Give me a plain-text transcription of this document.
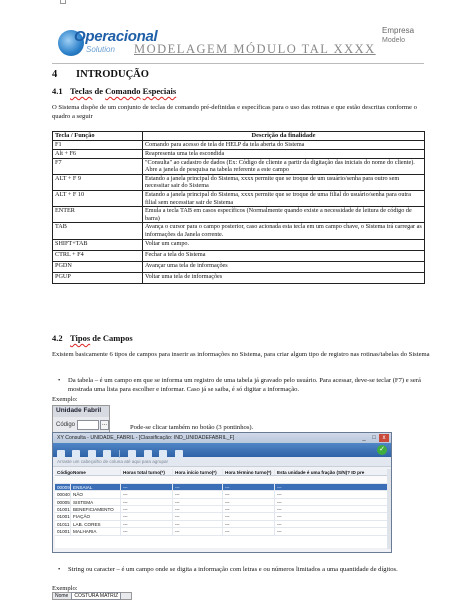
Operacional
Solution MODELAGEM MÓDULO TAL XXXX
Empresa
Modelo
4 INTRODUÇÃO
4.1 Teclas de Comando Especiais
O Sistema dispõe de um conjunto de teclas de comando pré-definidas e específicas para o uso das rotinas e que estão descritas conforme o quadro a seguir
Tecla / Função	Descrição da finalidade
F1	Comando para acesso de tela de HELP da tela aberta do Sistema
Alt + F6	Reapresenta uma tela escondida
F7	"Consulta" ao cadastro de dados (Ex: Código de cliente a partir da digitação das iniciais do nome do cliente). Abre a janela de pesquisa na tabela referente a este campo
ALT + F 9	Estando a janela principal do Sistema, xxxx permite que se troque de um usuário/senha para outro sem necessitar sair do Sistema
ALT + F 10	Estando a janela principal do Sistema, xxxx permite que se troque de uma filial do usuário/senha para outra filial sem necessitar sair de Sistema
ENTER	Emula a tecla TAB em casos específicos (Normalmente quando existe a necessidade de leitura de código de barra)
TAB	Avança o cursor para o campo posterior, caso acionada esta tecla em um campo chave, o Sistema irá carregar as informações da Janela corrente.
SHIFT+TAB	Voltar um campo.
CTRL + F4	Fechar a tela do Sistema
PGDN	Avançar uma tela de informações
PGUP	Voltar uma tela de informações
4.2 Tipos de Campos
Existem basicamente 6 tipos de campos para inserir as informações no Sistema, para criar algum tipo de registro nas rotinas/tabelas do Sistema
•	Da tabela – é um campo em que se informa um registro de uma tabela já gravado pelo usuário. Para acessar, deve-se teclar (F7) e será mostrada uma lista para escolher e informar. Caso já se saiba, é só digitar a informação.
Exemplo:
Unidade Fabril
Código	...	Pode-se clicar também no botão (3 pontinhos).
XY Consulta - UNIDADE_FABRIL - [Classificação: IND_UNIDADEFABRIL_F]	_ □ x

✓
Arraste um cabeçalho de coluna até aqui para agrupar
Código Nome	Horas total turno(*)	Hora início turno(*)	Hora término turno(*)	Esta unidade é uma fração (S/N)? ID pre
00009 ENSAIAL	---	---	---	---
00040 NÃO	---	---	---	---
00005 SISTEMA	---	---	---	---
01001 BENEFICIAMENTO	---	---	---	---
01001 FIAÇÃO	---	---	---	---
01011 LAB. CORES	---	---	---	---
01001 MALHARIA	---	---	---	---
•	String ou caracter – é um campo onde se digita a informação com letras e ou números limitados a uma quantidade de dígitos.
Exemplo:
Nome COSTURA MATRIZ
